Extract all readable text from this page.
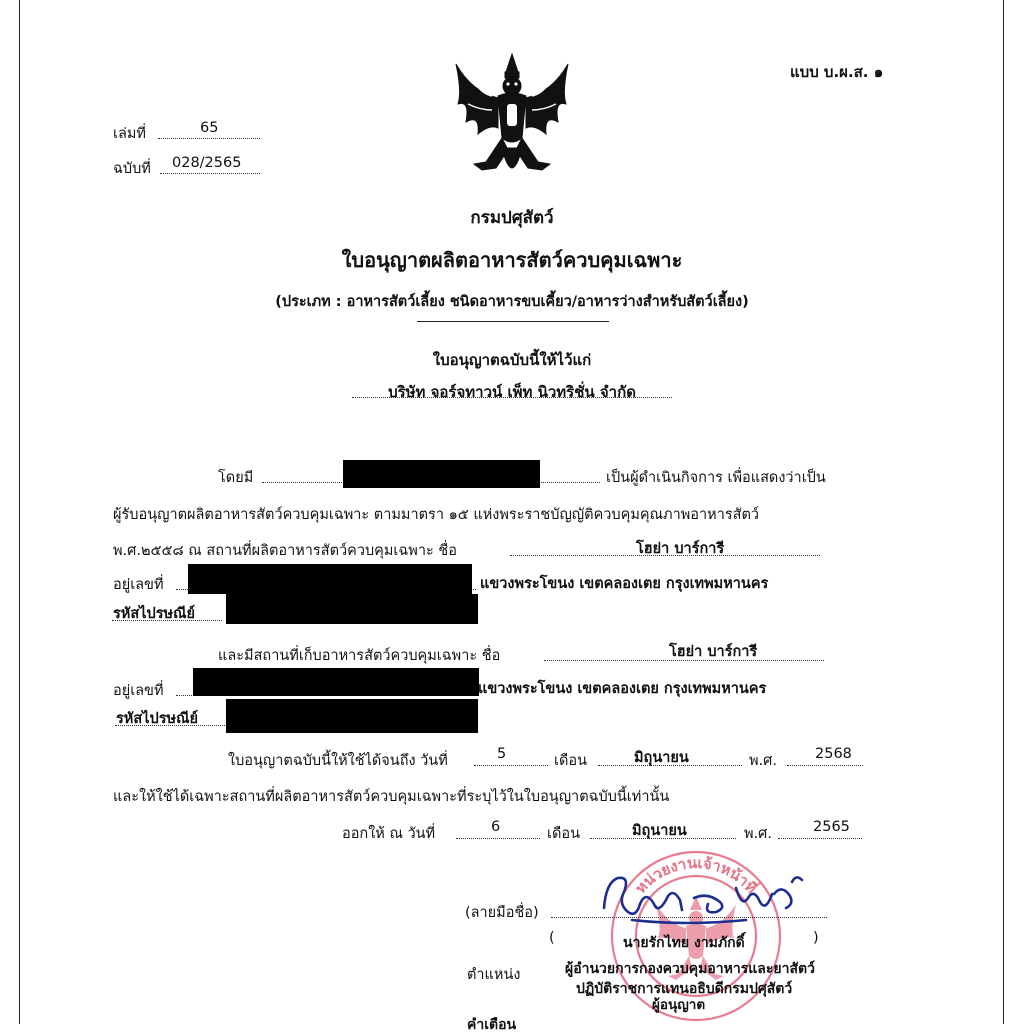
แบบ บ.ผ.ส. ๑
เล่มที่	65
ฉบับที่ 028/2565
กรมปศุสัตว์
ใบอนุญาตผลิตอาหารสัตว์ควบคุมเฉพาะ
(ประเภท : อาหารสัตว์เลี้ยง ชนิดอาหารขบเคี้ยว/อาหารว่างสำหรับสัตว์เลี้ยง)
ใบอนุญาตฉบับนี้ให้ไว้แก่
บริษัท จอร์จทาวน์ เพ็ท นิวทริชั่น จำกัด
โดยมี	เป็นผู้ดำเนินกิจการ เพื่อแสดงว่าเป็น
ผู้รับอนุญาตผลิตอาหารสัตว์ควบคุมเฉพาะ ตามมาตรา ๑๕ แห่งพระราชบัญญัติควบคุมคุณภาพอาหารสัตว์
พ.ศ.๒๕๕๘ ณ สถานที่ผลิตอาหารสัตว์ควบคุมเฉพาะ ชื่อ	โฮย่า บาร์การี
อยู่เลขที่	แขวงพระโขนง เขตคลองเตย กรุงเทพมหานคร
รหัสไปรษณีย์
และมีสถานที่เก็บอาหารสัตว์ควบคุมเฉพาะ ชื่อ	โฮย่า บาร์การี
อยู่เลขที่	แขวงพระโขนง เขตคลองเตย กรุงเทพมหานคร
รหัสไปรษณีย์
ใบอนุญาตฉบับนี้ให้ใช้ได้จนถึง วันที่	5	เดือน	มิถุนายน	พ.ศ.	2568
และให้ใช้ได้เฉพาะสถานที่ผลิตอาหารสัตว์ควบคุมเฉพาะที่ระบุไว้ในใบอนุญาตฉบับนี้เท่านั้น
ออกให้ ณ วันที่	6	เดือน	มิถุนายน	พ.ศ.	2565
หน่วยงานเจ้าหน้าที่
(ลายมือชื่อ)
(	นายรักไทย งามภักดิ์	)
ตำแหน่ง	ผู้อำนวยการกองควบคุมอาหารและยาสัตว์
ปฏิบัติราชการแทนอธิบดีกรมปศุสัตว์
ผู้อนุญาต
คำเตือน
